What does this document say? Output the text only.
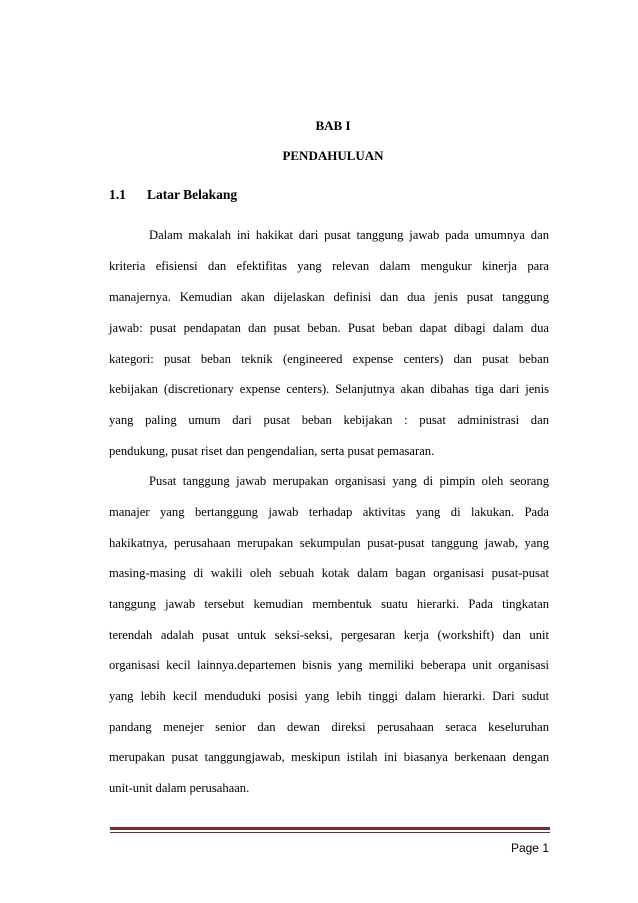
BAB I
PENDAHULUAN
1.1 Latar Belakang
Dalam makalah ini hakikat dari pusat tanggung jawab pada umumnya dan
kriteria efisiensi dan efektifitas yang relevan dalam mengukur kinerja para
manajernya. Kemudian akan dijelaskan definisi dan dua jenis pusat tanggung
jawab: pusat pendapatan dan pusat beban. Pusat beban dapat dibagi dalam dua
kategori: pusat beban teknik (engineered expense centers) dan pusat beban
kebijakan (discretionary expense centers). Selanjutnya akan dibahas tiga dari jenis
yang paling umum dari pusat beban kebijakan : pusat administrasi dan
pendukung, pusat riset dan pengendalian, serta pusat pemasaran.
Pusat tanggung jawab merupakan organisasi yang di pimpin oleh seorang
manajer yang bertanggung jawab terhadap aktivitas yang di lakukan. Pada
hakikatnya, perusahaan merupakan sekumpulan pusat-pusat tanggung jawab, yang
masing-masing di wakili oleh sebuah kotak dalam bagan organisasi pusat-pusat
tanggung jawab tersebut kemudian membentuk suatu hierarki. Pada tingkatan
terendah adalah pusat untuk seksi-seksi, pergesaran kerja (workshift) dan unit
organisasi kecil lainnya.departemen bisnis yang memiliki beberapa unit organisasi
yang lebih kecil menduduki posisi yang lebih tinggi dalam hierarki. Dari sudut
pandang menejer senior dan dewan direksi perusahaan seraca keseluruhan
merupakan pusat tanggungjawab, meskipun istilah ini biasanya berkenaan dengan
unit-unit dalam perusahaan.
Page 1
